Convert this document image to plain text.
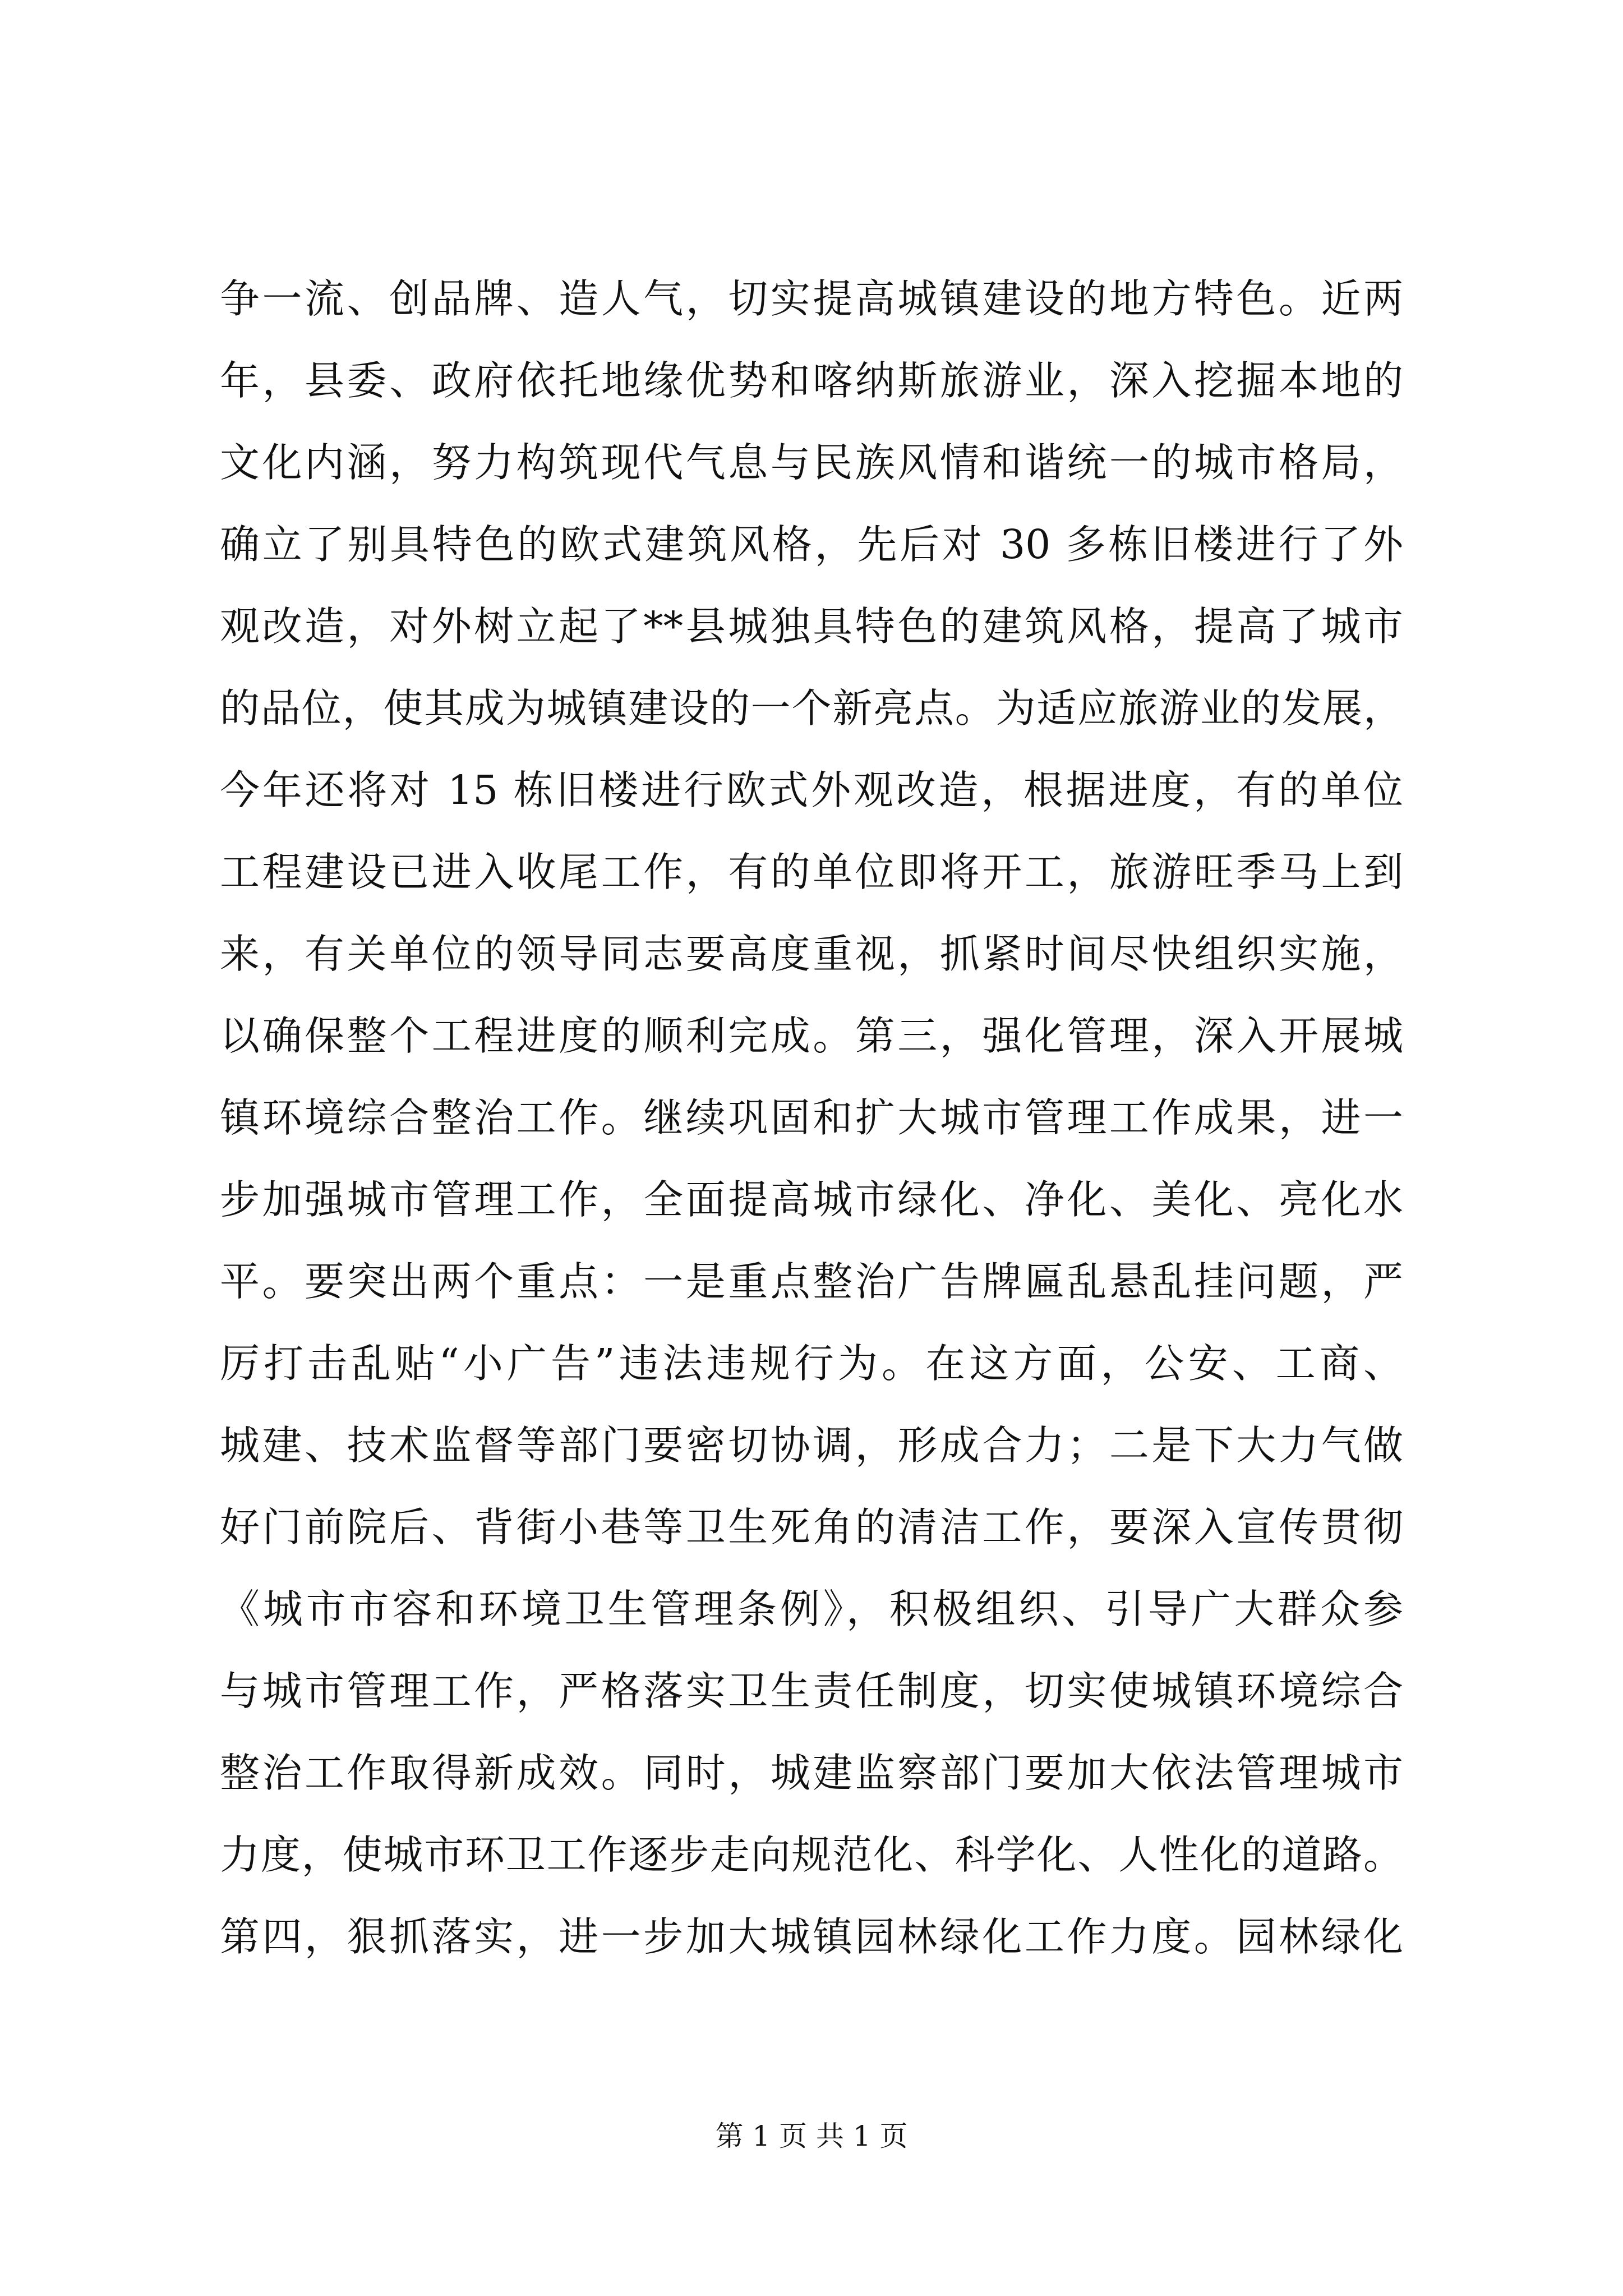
争一流、创品牌、造人气，切实提高城镇建设的地方特色。近两
年，县委、政府依托地缘优势和喀纳斯旅游业，深入挖掘本地的
文化内涵，努力构筑现代气息与民族风情和谐统一的城市格局，
确立了别具特色的欧式建筑风格，先后对 30 多栋旧楼进行了外
观改造，对外树立起了**县城独具特色的建筑风格，提高了城市
的品位，使其成为城镇建设的一个新亮点。为适应旅游业的发展，
今年还将对 15 栋旧楼进行欧式外观改造，根据进度，有的单位
工程建设已进入收尾工作，有的单位即将开工，旅游旺季马上到
来，有关单位的领导同志要高度重视，抓紧时间尽快组织实施，
以确保整个工程进度的顺利完成。第三，强化管理，深入开展城
镇环境综合整治工作。继续巩固和扩大城市管理工作成果，进一
步加强城市管理工作，全面提高城市绿化、净化、美化、亮化水
平。要突出两个重点：一是重点整治广告牌匾乱悬乱挂问题，严
厉打击乱贴“小广告”违法违规行为。在这方面，公安、工商、
城建、技术监督等部门要密切协调，形成合力；二是下大力气做
好门前院后、背街小巷等卫生死角的清洁工作，要深入宣传贯彻
《城市市容和环境卫生管理条例》，积极组织、引导广大群众参
与城市管理工作，严格落实卫生责任制度，切实使城镇环境综合
整治工作取得新成效。同时，城建监察部门要加大依法管理城市
力度，使城市环卫工作逐步走向规范化、科学化、人性化的道路。
第四，狠抓落实，进一步加大城镇园林绿化工作力度。园林绿化
第 1 页 共 1 页
